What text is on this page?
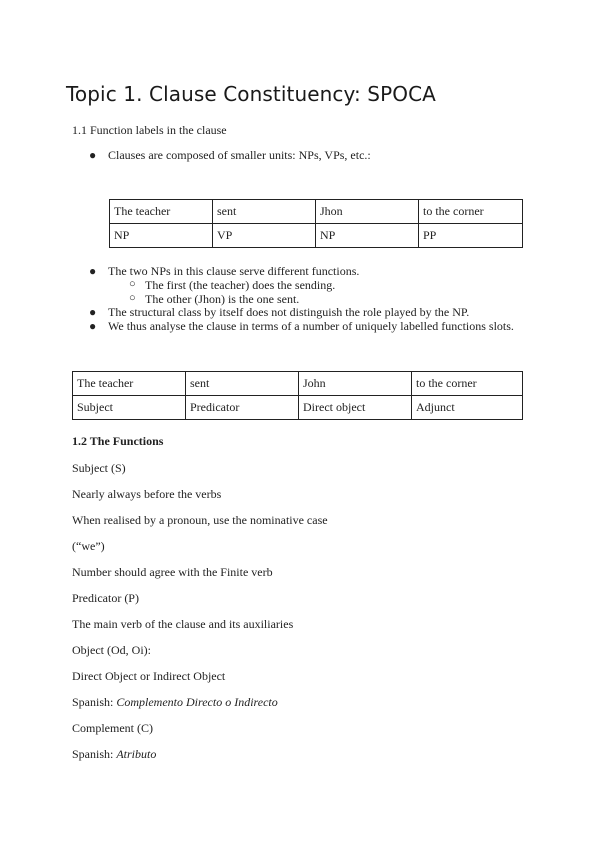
Topic 1. Clause Constituency: SPOCA
1.1 Function labels in the clause
● Clauses are composed of smaller units: NPs, VPs, etc.:
The teacher	sent	Jhon	to the corner
NP	VP	NP	PP
● The two NPs in this clause serve different functions.
○ The first (the teacher) does the sending.
○ The other (Jhon) is the one sent.
● The structural class by itself does not distinguish the role played by the NP.
● We thus analyse the clause in terms of a number of uniquely labelled functions slots.
The teacher	sent	John	to the corner
Subject	Predicator	Direct object	Adjunct
1.2 The Functions
Subject (S)
Nearly always before the verbs
When realised by a pronoun, use the nominative case
(“we”)
Number should agree with the Finite verb
Predicator (P)
The main verb of the clause and its auxiliaries
Object (Od, Oi):
Direct Object or Indirect Object
Spanish: Complemento Directo o Indirecto
Complement (C)
Spanish: Atributo
